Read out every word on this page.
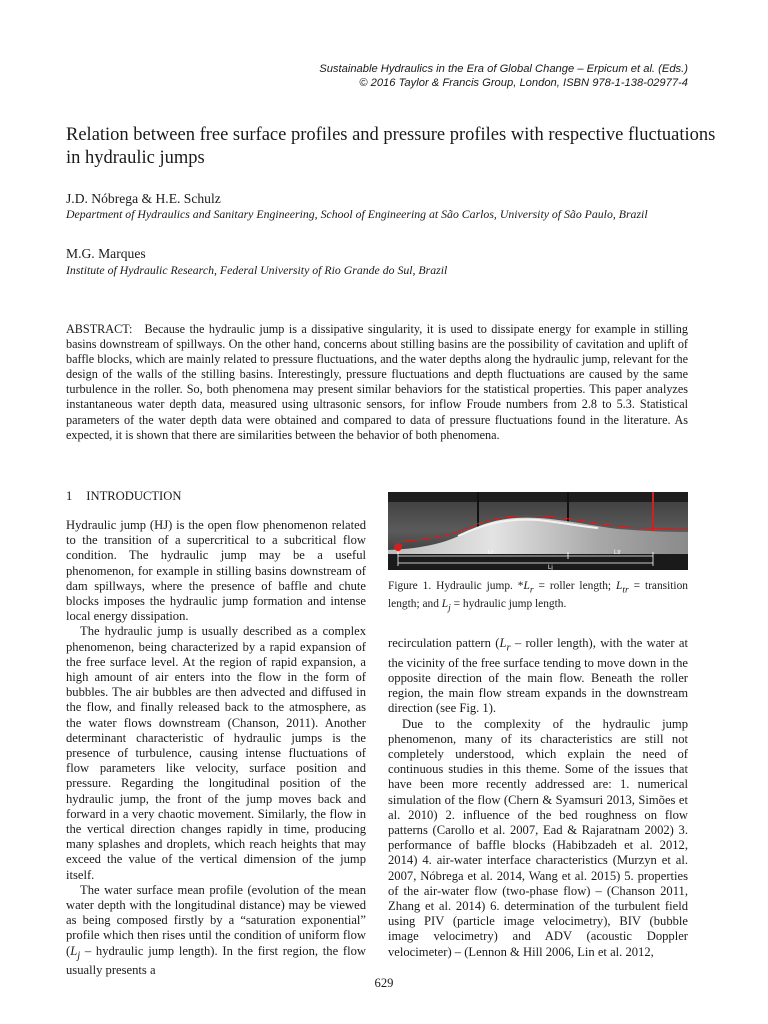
Sustainable Hydraulics in the Era of Global Change – Erpicum et al. (Eds.)
© 2016 Taylor & Francis Group, London, ISBN 978-1-138-02977-4
Relation between free surface profiles and pressure profiles with respective fluctuations in hydraulic jumps
J.D. Nóbrega & H.E. Schulz
Department of Hydraulics and Sanitary Engineering, School of Engineering at São Carlos, University of São Paulo, Brazil
M.G. Marques
Institute of Hydraulic Research, Federal University of Rio Grande do Sul, Brazil
ABSTRACT: Because the hydraulic jump is a dissipative singularity, it is used to dissipate energy for example in stilling basins downstream of spillways. On the other hand, concerns about stilling basins are the possibility of cavitation and uplift of baffle blocks, which are mainly related to pressure fluctuations, and the water depths along the hydraulic jump, relevant for the design of the walls of the stilling basins. Interestingly, pressure fluctuations and depth fluctuations are caused by the same turbulence in the roller. So, both phenomena may present similar behaviors for the statistical properties. This paper analyzes instantaneous water depth data, measured using ultrasonic sensors, for inflow Froude numbers from 2.8 to 5.3. Statistical parameters of the water depth data were obtained and compared to data of pressure fluctuations found in the literature. As expected, it is shown that there are similarities between the behavior of both phenomena.
1 INTRODUCTION

Hydraulic jump (HJ) is the open flow phenomenon related to the transition of a supercritical to a subcritical flow condition. The hydraulic jump may be a useful phenomenon, for example in stilling basins downstream of dam spillways, where the presence of baffle and chute blocks imposes the hydraulic jump formation and intense local energy dissipation.

The hydraulic jump is usually described as a complex phenomenon, being characterized by a rapid expansion of the free surface level. At the region of rapid expansion, a high amount of air enters into the flow in the form of bubbles. The air bubbles are then advected and diffused in the flow, and finally released back to the atmosphere, as the water flows downstream (Chanson, 2011). Another determinant characteristic of hydraulic jumps is the presence of turbulence, causing intense fluctuations of flow parameters like velocity, surface position and pressure. Regarding the longitudinal position of the hydraulic jump, the front of the jump moves back and forward in a very chaotic movement. Similarly, the flow in the vertical direction changes rapidly in time, producing many splashes and droplets, which reach heights that may exceed the value of the vertical dimension of the jump itself.

The water surface mean profile (evolution of the mean water depth with the longitudinal distance) may be viewed as being composed firstly by a “saturation exponential” profile which then rises until the condition of uniform flow ($L_j$ – hydraulic jump length). In the first region, the flow usually presents a

Lr	Ltr
Lj
Figure 1. Hydraulic jump. $*L_r$ = roller length; $L_{tr}$ = transition length; and $L_j$ = hydraulic jump length.

recirculation pattern ($L_r$ – roller length), with the water at the vicinity of the free surface tending to move down in the opposite direction of the main flow. Beneath the roller region, the main flow stream expands in the downstream direction (see Fig. 1).

Due to the complexity of the hydraulic jump phenomenon, many of its characteristics are still not completely understood, which explain the need of continuous studies in this theme. Some of the issues that have been more recently addressed are: 1. numerical simulation of the flow (Chern & Syamsuri 2013, Simões et al. 2010) 2. influence of the bed roughness on flow patterns (Carollo et al. 2007, Ead & Rajaratnam 2002) 3. performance of baffle blocks (Habibzadeh et al. 2012, 2014) 4. air-water interface characteristics (Murzyn et al. 2007, Nóbrega et al. 2014, Wang et al. 2015) 5. properties of the air-water flow (two-phase flow) – (Chanson 2011, Zhang et al. 2014) 6. determination of the turbulent field using PIV (particle image velocimetry), BIV (bubble image velocimetry) and ADV (acoustic Doppler velocimeter) – (Lennon & Hill 2006, Lin et al. 2012,

629
